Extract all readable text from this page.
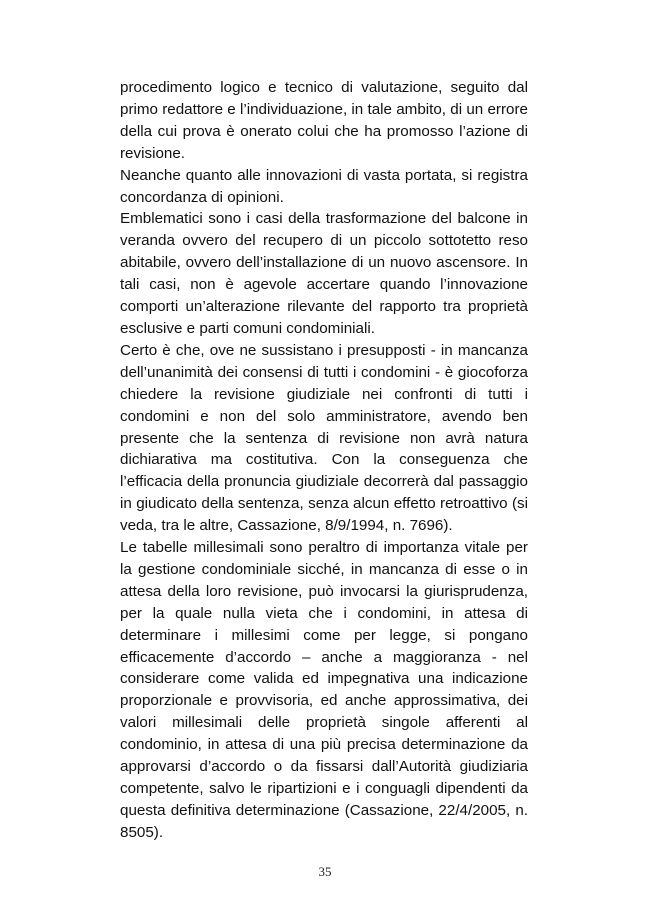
procedimento logico e tecnico di valutazione, seguito dal primo redattore e l’individuazione, in tale ambito, di un errore della cui prova è onerato colui che ha promosso l’azione di revisione.

Neanche quanto alle innovazioni di vasta portata, si registra concordanza di opinioni.

Emblematici sono i casi della trasformazione del balcone in veranda ovvero del recupero di un piccolo sottotetto reso abitabile, ovvero dell’installazione di un nuovo ascensore. In tali casi, non è agevole accertare quando l’innovazione comporti un’alterazione rilevante del rapporto tra proprietà esclusive e parti comuni condominiali.

Certo è che, ove ne sussistano i presupposti - in mancanza dell’unanimità dei consensi di tutti i condomini - è giocoforza chiedere la revisione giudiziale nei confronti di tutti i condomini e non del solo amministratore, avendo ben presente che la sentenza di revisione non avrà natura dichiarativa ma costitutiva. Con la conseguenza che l’efficacia della pronuncia giudiziale decorrerà dal passaggio in giudicato della sentenza, senza alcun effetto retroattivo (si veda, tra le altre, Cassazione, 8/9/1994, n. 7696).

Le tabelle millesimali sono peraltro di importanza vitale per la gestione condominiale sicché, in mancanza di esse o in attesa della loro revisione, può invocarsi la giurisprudenza, per la quale nulla vieta che i condomini, in attesa di determinare i millesimi come per legge, si pongano efficacemente d’accordo – anche a maggioranza - nel considerare come valida ed impegnativa una indicazione proporzionale e provvisoria, ed anche approssimativa, dei valori millesimali delle proprietà singole afferenti al condominio, in attesa di una più precisa determinazione da approvarsi d’accordo o da fissarsi dall’Autorità giudiziaria competente, salvo le ripartizioni e i conguagli dipendenti da questa definitiva determinazione (Cassazione, 22/4/2005, n. 8505).

35
